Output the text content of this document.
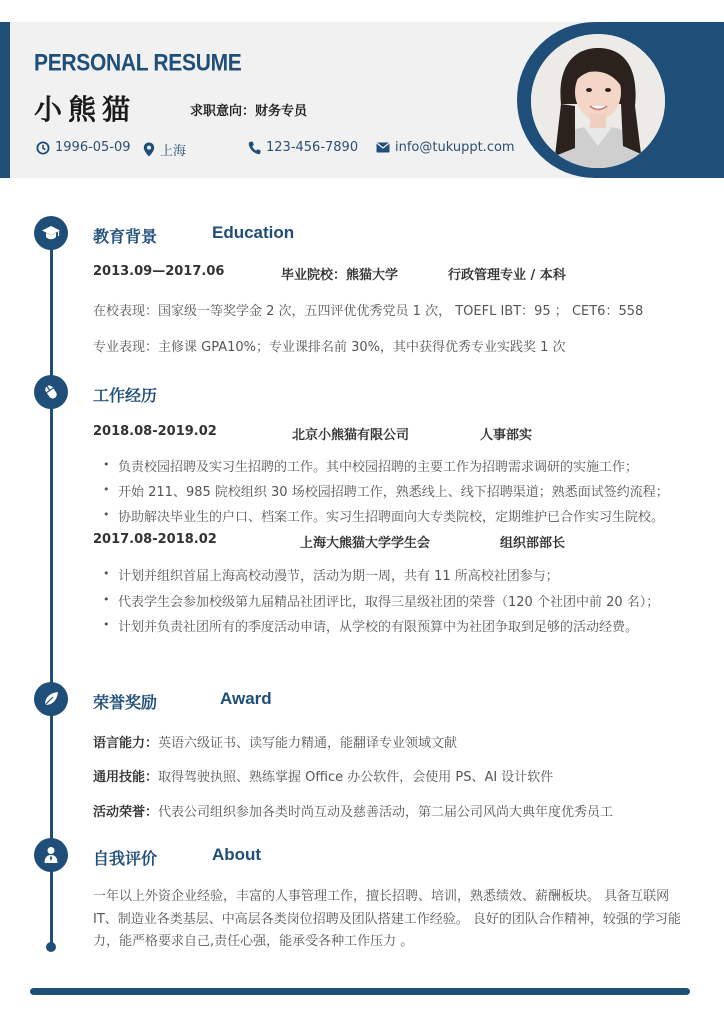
PERSONAL RESUME
小熊猫	求职意向：财务专员
1996-05-09 上海	123-456-7890	info@tukuppt.com
教育背景	Education
2013.09—2017.06	毕业院校：熊猫大学	行政管理专业 / 本科
在校表现：国家级一等奖学金 2 次，五四评优优秀党员 1 次， TOEFL IBT：95 ； CET6：558
专业表现：主修课 GPA10%；专业课排名前 30%，其中获得优秀专业实践奖 1 次
工作经历
2018.08-2019.02	北京小熊猫有限公司	人事部实
• 负责校园招聘及实习生招聘的工作。其中校园招聘的主要工作为招聘需求调研的实施工作；
• 开始 211、985 院校组织 30 场校园招聘工作，熟悉线上、线下招聘渠道；熟悉面试签约流程；
• 协助解决毕业生的户口、档案工作。实习生招聘面向大专类院校，定期维护已合作实习生院校。
2017.08-2018.02	上海大熊猫大学学生会	组织部部长
• 计划并组织首届上海高校动漫节，活动为期一周，共有 11 所高校社团参与；
• 代表学生会参加校级第九届精品社团评比，取得三星级社团的荣誉（120 个社团中前 20 名）；
• 计划并负责社团所有的季度活动申请，从学校的有限预算中为社团争取到足够的活动经费。
荣誉奖励	Award
语言能力：英语六级证书、读写能力精通，能翻译专业领域文献
通用技能：取得驾驶执照、熟练掌握 Office 办公软件，会使用 PS、AI 设计软件
活动荣誉：代表公司组织参加各类时尚互动及慈善活动，第二届公司风尚大典年度优秀员工
自我评价	About
一年以上外资企业经验，丰富的人事管理工作，擅长招聘、培训，熟悉绩效、薪酬板块。 具备互联网 IT、制造业各类基层、中高层各类岗位招聘及团队搭建工作经验。 良好的团队合作精神，较强的学习能力，能严格要求自己,责任心强，能承受各种工作压力 。
